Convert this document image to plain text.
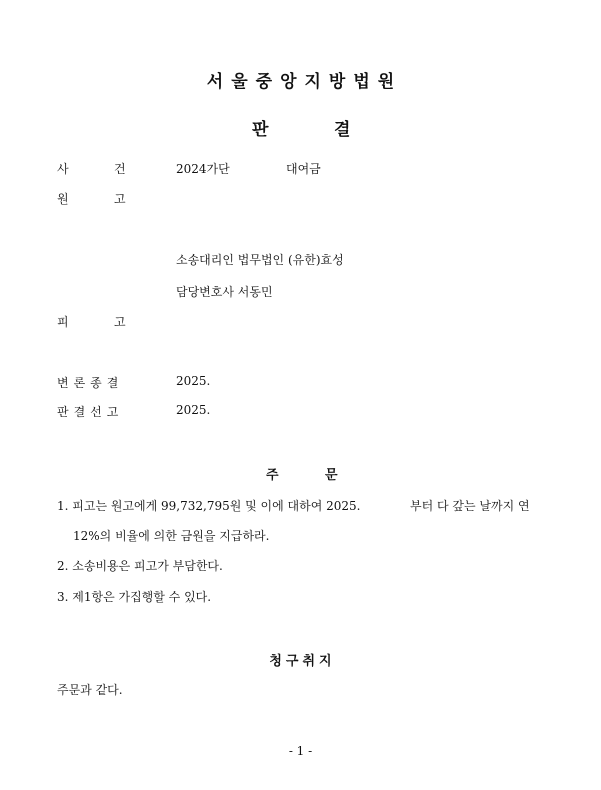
서울중앙지방법원
판	결
사	건	2024가단	대여금
원	고
소송대리인 법무법인 (유한)효성
담당변호사 서동민
피	고
변론종결	2025.
판결선고	2025.
주	문
1. 피고는 원고에게 99,732,795원 및 이에 대하여 2025.	부터 다 갚는 날까지 연
12%의 비율에 의한 금원을 지급하라.
2. 소송비용은 피고가 부담한다.
3. 제1항은 가집행할 수 있다.
청구취지
주문과 같다.
- 1 -
